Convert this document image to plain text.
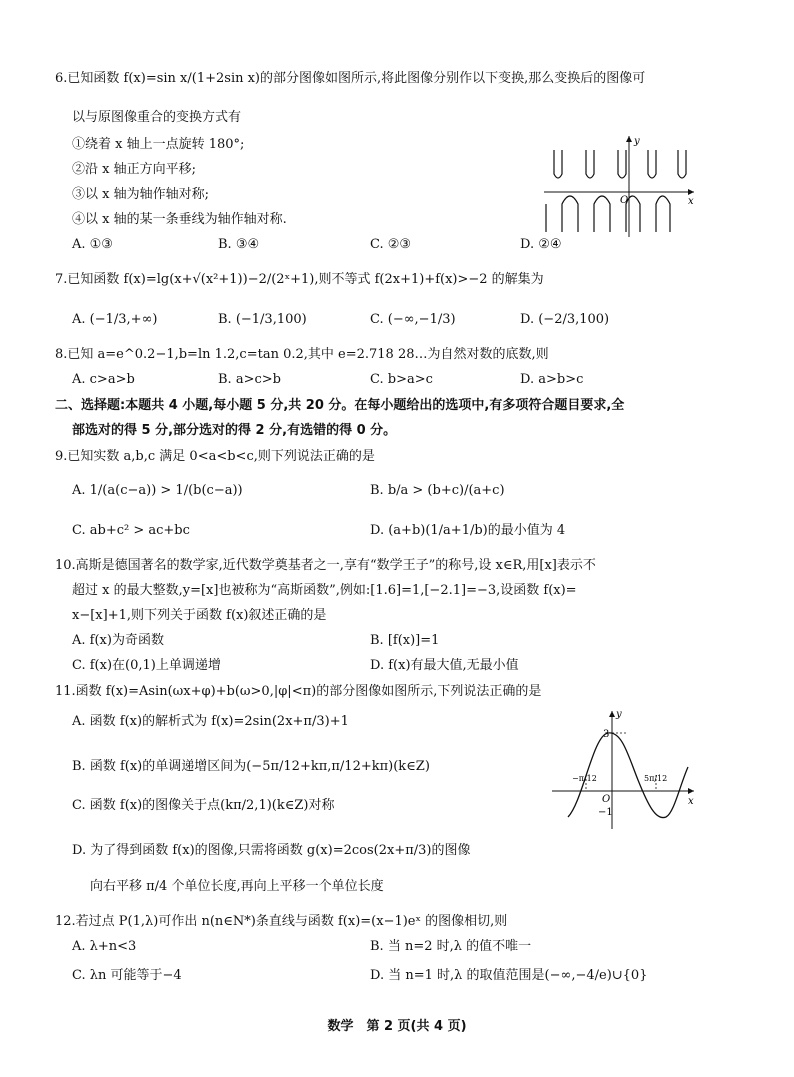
6.已知函数 f(x)=sin x/(1+2sin x)的部分图像如图所示,将此图像分别作以下变换,那么变换后的图像可
以与原图像重合的变换方式有
①绕着 x 轴上一点旋转 180°;
②沿 x 轴正方向平移;
③以 x 轴为轴作轴对称;
④以 x 轴的某一条垂线为轴作轴对称.
A. ①③	B. ③④	C. ②③	D. ②④
y
x
O
7.已知函数 f(x)=lg(x+√(x²+1))−2/(2ˣ+1),则不等式 f(2x+1)+f(x)>−2 的解集为
A. (−1/3,+∞)	B. (−1/3,100)	C. (−∞,−1/3)	D. (−2/3,100)
8.已知 a=e^0.2−1,b=ln 1.2,c=tan 0.2,其中 e=2.718 28…为自然对数的底数,则
A. c>a>b	B. a>c>b	C. b>a>c	D. a>b>c
二、选择题:本题共 4 小题,每小题 5 分,共 20 分。在每小题给出的选项中,有多项符合题目要求,全
部选对的得 5 分,部分选对的得 2 分,有选错的得 0 分。
9.已知实数 a,b,c 满足 0<a<b<c,则下列说法正确的是
A. 1/(a(c−a)) > 1/(b(c−a))	B. b/a > (b+c)/(a+c)
C. ab+c² > ac+bc	D. (a+b)(1/a+1/b)的最小值为 4
10.高斯是德国著名的数学家,近代数学奠基者之一,享有“数学王子”的称号,设 x∈R,用[x]表示不
超过 x 的最大整数,y=[x]也被称为“高斯函数”,例如:[1.6]=1,[−2.1]=−3,设函数 f(x)=
x−[x]+1,则下列关于函数 f(x)叙述正确的是
A. f(x)为奇函数	B. [f(x)]=1
C. f(x)在(0,1)上单调递增	D. f(x)有最大值,无最小值
11.函数 f(x)=Asin(ωx+φ)+b(ω>0,|φ|<π)的部分图像如图所示,下列说法正确的是
A. 函数 f(x)的解析式为 f(x)=2sin(2x+π/3)+1
B. 函数 f(x)的单调递增区间为(−5π/12+kπ,π/12+kπ)(k∈Z)
C. 函数 f(x)的图像关于点(kπ/2,1)(k∈Z)对称
D. 为了得到函数 f(x)的图像,只需将函数 g(x)=2cos(2x+π/3)的图像
向右平移 π/4 个单位长度,再向上平移一个单位长度
y
x
O
3
−1
−π/12	5π/12
12.若过点 P(1,λ)可作出 n(n∈N*)条直线与函数 f(x)=(x−1)eˣ 的图像相切,则
A. λ+n<3	B. 当 n=2 时,λ 的值不唯一
C. λn 可能等于−4	D. 当 n=1 时,λ 的取值范围是(−∞,−4/e)∪{0}
数学　第 2 页(共 4 页)
